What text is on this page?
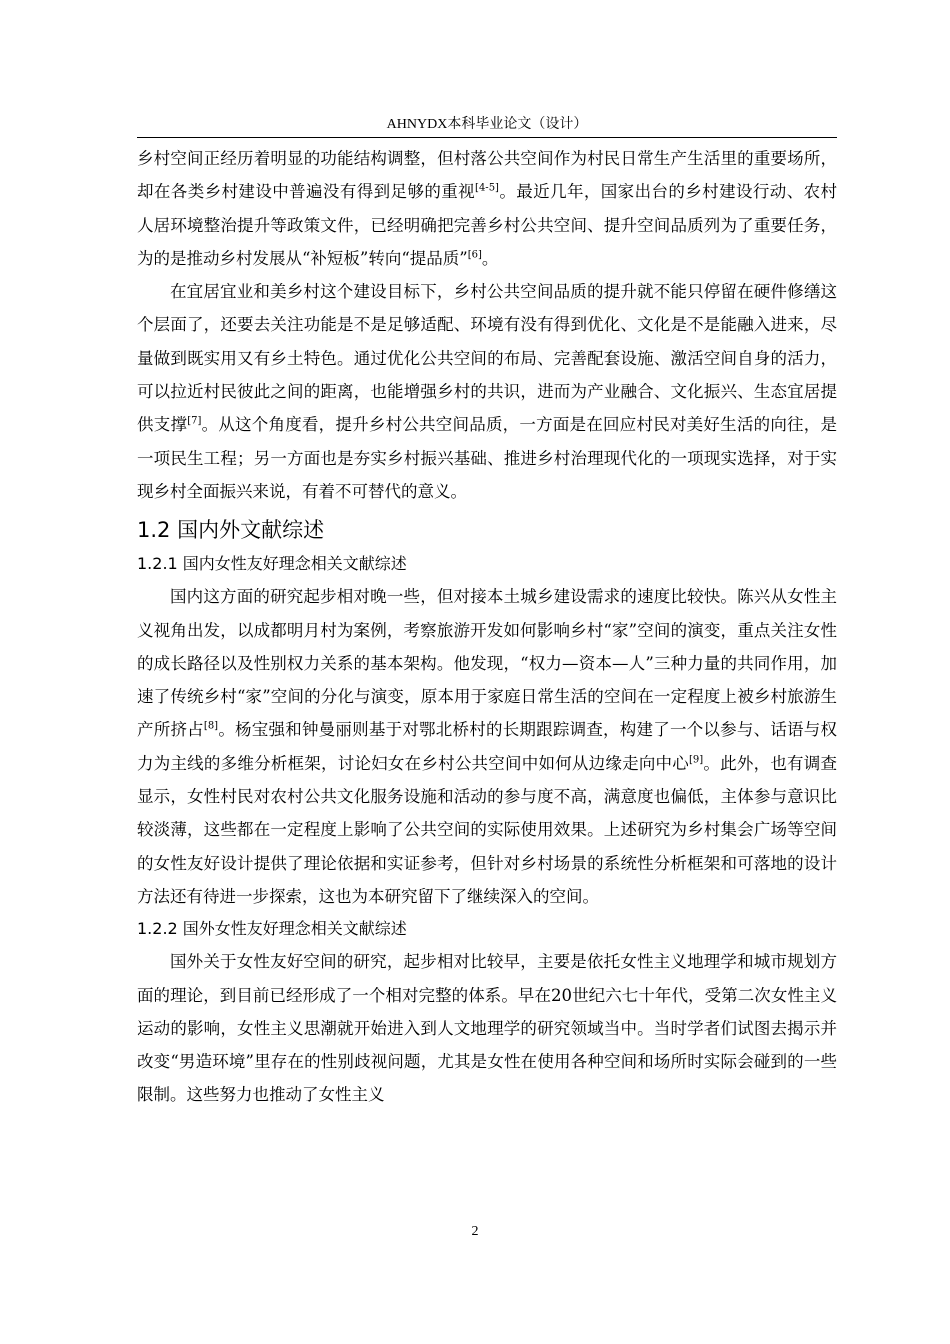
AHNYDX本科毕业论文（设计）

乡村空间正经历着明显的功能结构调整，但村落公共空间作为村民日常生产生活里的重要场所，却在各类乡村建设中普遍没有得到足够的重视[4-5]。最近几年，国家出台的乡村建设行动、农村人居环境整治提升等政策文件，已经明确把完善乡村公共空间、提升空间品质列为了重要任务，为的是推动乡村发展从“补短板”转向“提品质”[6]。

在宜居宜业和美乡村这个建设目标下，乡村公共空间品质的提升就不能只停留在硬件修缮这个层面了，还要去关注功能是不是足够适配、环境有没有得到优化、文化是不是能融入进来，尽量做到既实用又有乡土特色。通过优化公共空间的布局、完善配套设施、激活空间自身的活力，可以拉近村民彼此之间的距离，也能增强乡村的共识，进而为产业融合、文化振兴、生态宜居提供支撑[7]。从这个角度看，提升乡村公共空间品质，一方面是在回应村民对美好生活的向往，是一项民生工程；另一方面也是夯实乡村振兴基础、推进乡村治理现代化的一项现实选择，对于实现乡村全面振兴来说，有着不可替代的意义。

1.2 国内外文献综述
1.2.1 国内女性友好理念相关文献综述

国内这方面的研究起步相对晚一些，但对接本土城乡建设需求的速度比较快。陈兴从女性主义视角出发，以成都明月村为案例，考察旅游开发如何影响乡村“家”空间的演变，重点关注女性的成长路径以及性别权力关系的基本架构。他发现，“权力—资本—人”三种力量的共同作用，加速了传统乡村“家”空间的分化与演变，原本用于家庭日常生活的空间在一定程度上被乡村旅游生产所挤占[8]。杨宝强和钟曼丽则基于对鄂北桥村的长期跟踪调查，构建了一个以参与、话语与权力为主线的多维分析框架，讨论妇女在乡村公共空间中如何从边缘走向中心[9]。此外，也有调查显示，女性村民对农村公共文化服务设施和活动的参与度不高，满意度也偏低，主体参与意识比较淡薄，这些都在一定程度上影响了公共空间的实际使用效果。上述研究为乡村集会广场等空间的女性友好设计提供了理论依据和实证参考，但针对乡村场景的系统性分析框架和可落地的设计方法还有待进一步探索，这也为本研究留下了继续深入的空间。

1.2.2 国外女性友好理念相关文献综述

国外关于女性友好空间的研究，起步相对比较早，主要是依托女性主义地理学和城市规划方面的理论，到目前已经形成了一个相对完整的体系。早在20世纪六七十年代，受第二次女性主义运动的影响，女性主义思潮就开始进入到人文地理学的研究领域当中。当时学者们试图去揭示并改变“男造环境”里存在的性别歧视问题，尤其是女性在使用各种空间和场所时实际会碰到的一些限制。这些努力也推动了女性主义

2
